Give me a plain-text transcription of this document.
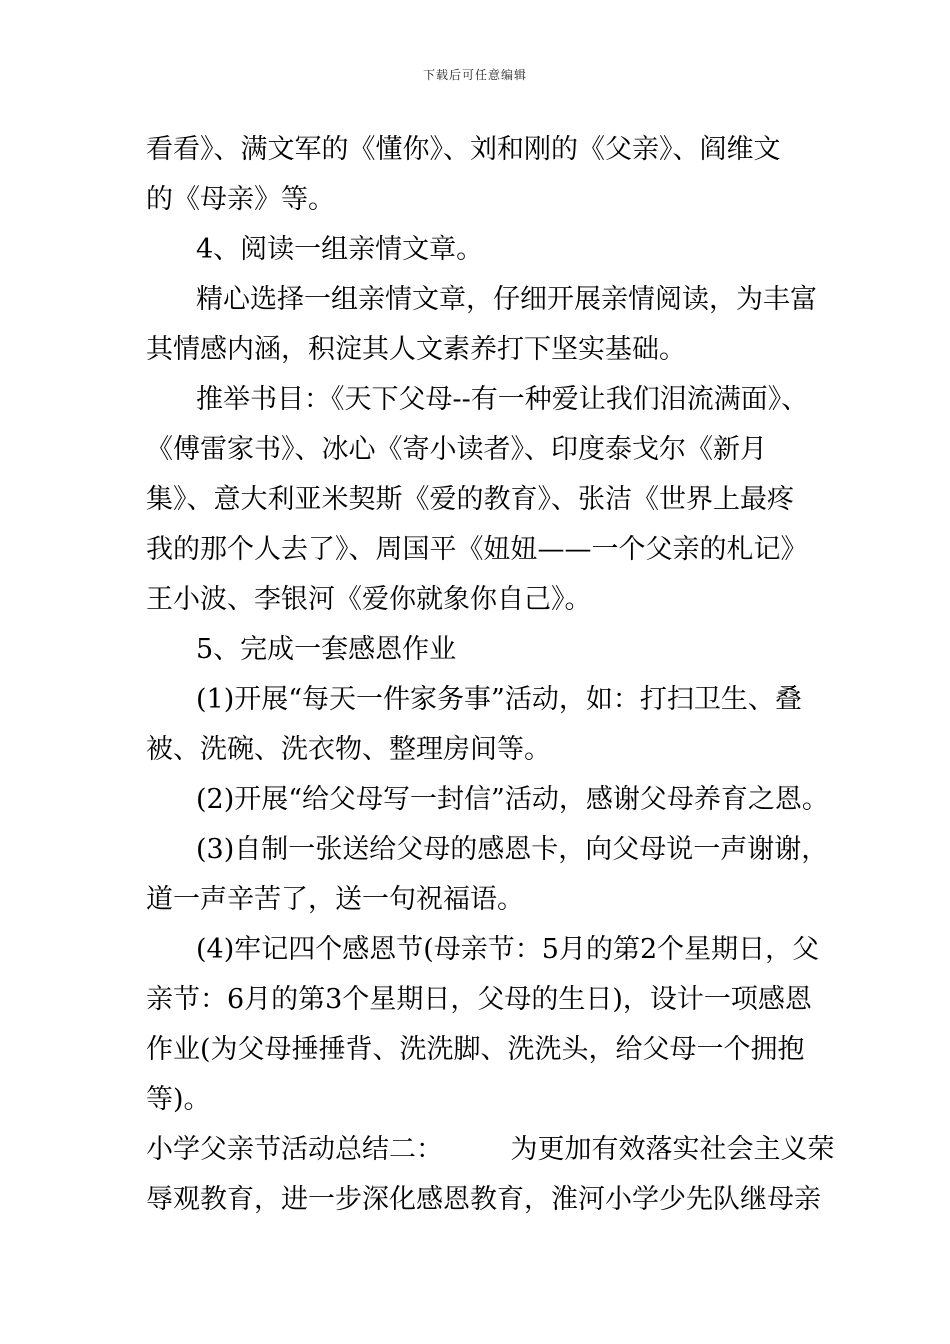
下载后可任意编辑
看看》、满文军的《懂你》、刘和刚的《父亲》、阎维文
的《母亲》等。
4、阅读一组亲情文章。
精心选择一组亲情文章，仔细开展亲情阅读，为丰富
其情感内涵，积淀其人文素养打下坚实基础。
推举书目：《天下父母--有一种爱让我们泪流满面》、
《傅雷家书》、冰心《寄小读者》、印度泰戈尔《新月
集》、意大利亚米契斯《爱的教育》、张洁《世界上最疼
我的那个人去了》、周国平《妞妞——一个父亲的札记》
王小波、李银河《爱你就象你自己》。
5、完成一套感恩作业
(1)开展“每天一件家务事”活动，如：打扫卫生、叠
被、洗碗、洗衣物、整理房间等。
(2)开展“给父母写一封信”活动，感谢父母养育之恩。
(3)自制一张送给父母的感恩卡，向父母说一声谢谢，
道一声辛苦了，送一句祝福语。
(4)牢记四个感恩节(母亲节：5月的第2个星期日，父
亲节：6月的第3个星期日，父母的生日)，设计一项感恩
作业(为父母捶捶背、洗洗脚、洗洗头，给父母一个拥抱
等)。
小学父亲节活动总结二：　　　为更加有效落实社会主义荣
辱观教育，进一步深化感恩教育，淮河小学少先队继母亲
